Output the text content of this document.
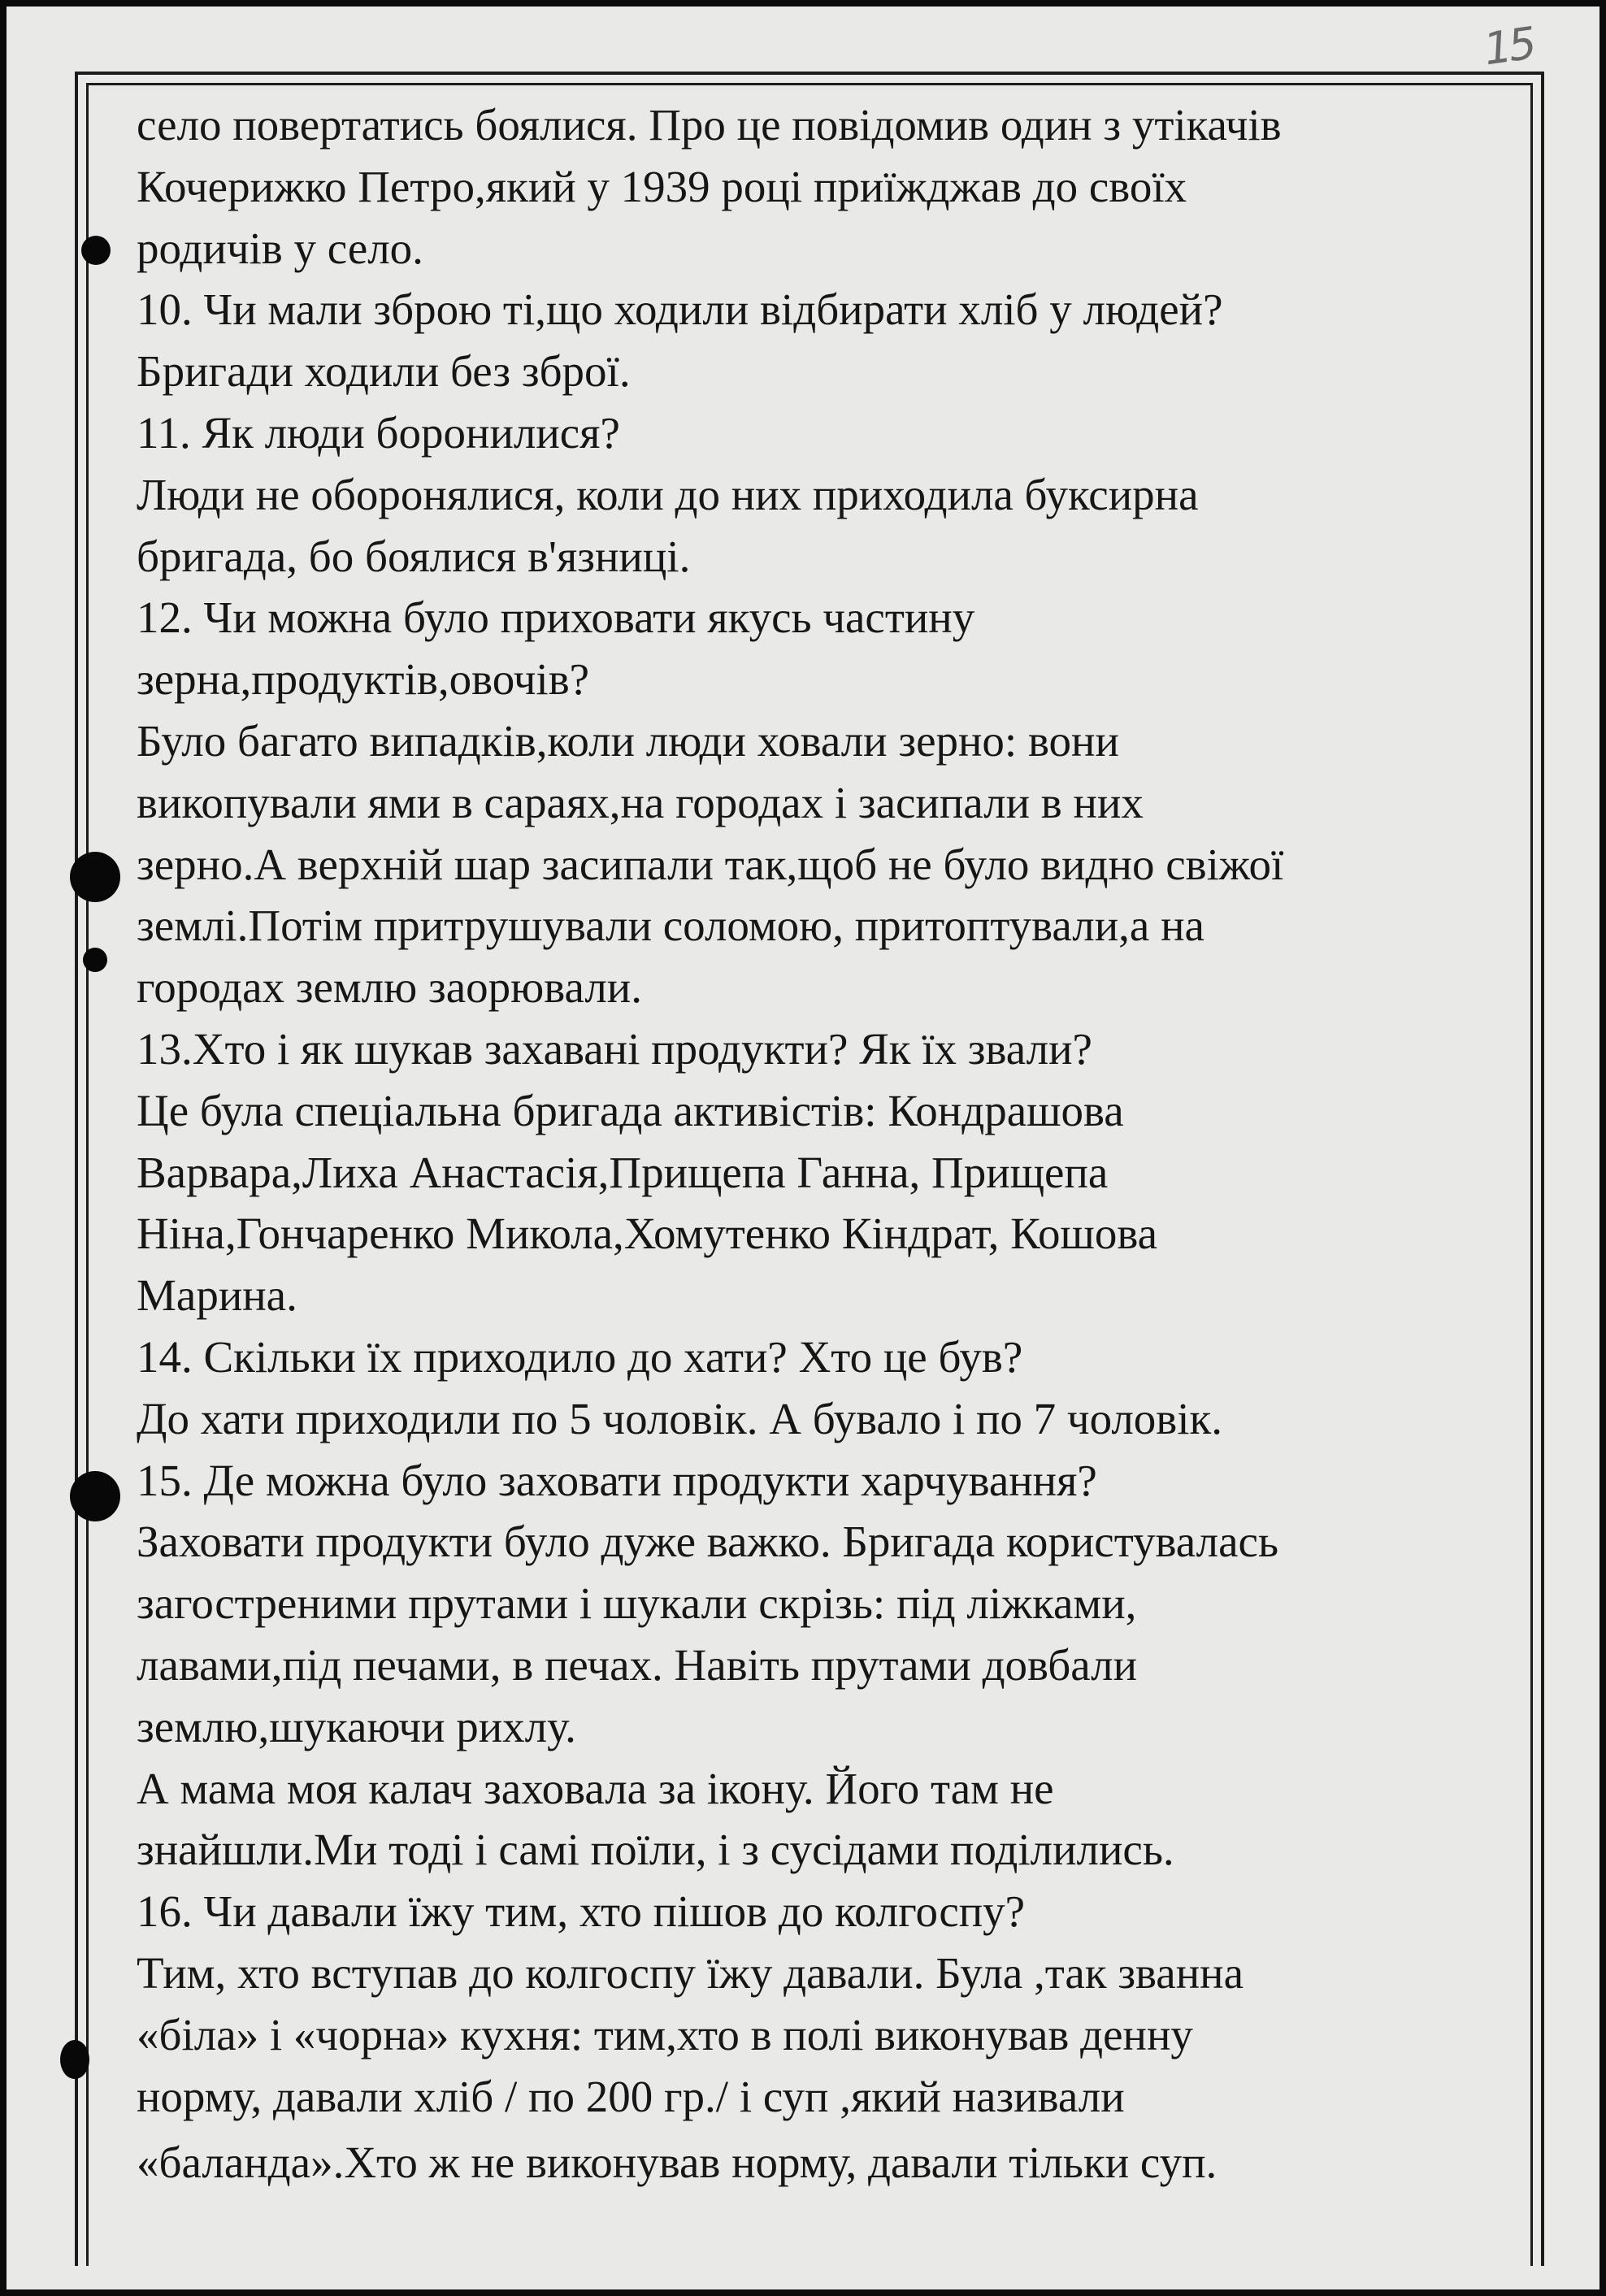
15
село повертатись боялися. Про це повідомив один з утікачів
Кочерижко Петро,який у 1939 році приїжджав до своїх
родичів у село.
10. Чи мали зброю ті,що ходили відбирати хліб у людей?
Бригади ходили без зброї.
11. Як люди боронилися?
Люди не оборонялися, коли до них приходила буксирна
бригада, бо боялися в'язниці.
12. Чи можна було приховати якусь частину
зерна,продуктів,овочів?
Було багато випадків,коли люди ховали зерно: вони
викопували ями в сараях,на городах і засипали в них
зерно.А верхній шар засипали так,щоб не було видно свіжої
землі.Потім притрушували соломою, притоптували,а на
городах землю заорювали.
13.Хто і як шукав захавані продукти? Як їх звали?
Це була спеціальна бригада активістів: Кондрашова
Варвара,Лиха Анастасія,Прищепа Ганна, Прищепа
Ніна,Гончаренко Микола,Хомутенко Кіндрат, Кошова
Марина.
14. Скільки їх приходило до хати? Хто це був?
До хати приходили по 5 чоловік. А бувало і по 7 чоловік.
15. Де можна було заховати продукти харчування?
Заховати продукти було дуже важко. Бригада користувалась
загостреними прутами і шукали скрізь: під ліжками,
лавами,під печами, в печах. Навіть прутами довбали
землю,шукаючи рихлу.
А мама моя калач заховала за ікону. Його там не
знайшли.Ми тоді і самі поїли, і з сусідами поділились.
16. Чи давали їжу тим, хто пішов до колгоспу?
Тим, хто вступав до колгоспу їжу давали. Була ,так званна
«біла» і «чорна» кухня: тим,хто в полі виконував денну
норму, давали хліб / по 200 гр./ і суп ,який називали
«баланда».Хто ж не виконував норму, давали тільки суп.
